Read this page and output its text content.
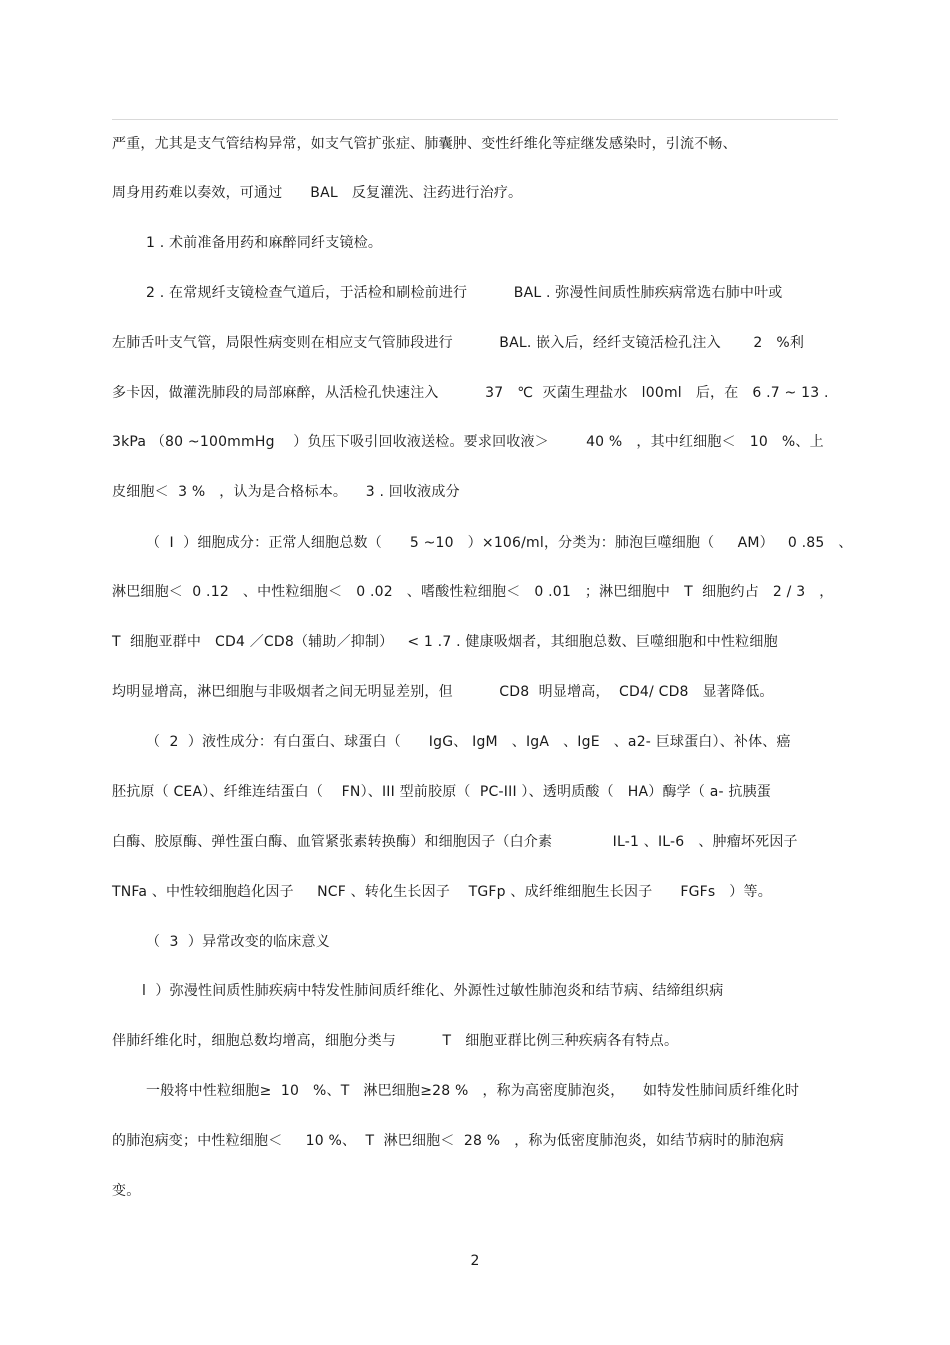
严重，尤其是支气管结构异常，如支气管扩张症、肺囊肿、变性纤维化等症继发感染时，引流不畅、
周身用药难以奏效，可通过      BAL   反复灌洗、注药进行治疗。
1 . 术前准备用药和麻醉同纤支镜检。
2 . 在常规纤支镜检查气道后，于活检和刷检前进行          BAL . 弥漫性间质性肺疾病常选右肺中叶或
左肺舌叶支气管，局限性病变则在相应支气管肺段进行          BAL. 嵌入后，经纤支镜活检孔注入       2   %利
多卡因，做灌洗肺段的局部麻醉，从活检孔快速注入          37   ℃  灭菌生理盐水   l00ml   后，在   6 .7 ~ 13 .
3kPa （80 ~100mmHg    ）负压下吸引回收液送检。要求回收液＞        40 %   ，其中红细胞＜   10   %、上
皮细胞＜  3 %   ，认为是合格标本。    3 . 回收液成分
（  I  ）细胞成分：正常人细胞总数（      5 ~10   ）×106/ml，分类为：肺泡巨噬细胞（     AM）   0 .85   、
淋巴细胞＜  0 .12   、中性粒细胞＜   0 .02   、嗜酸性粒细胞＜   0 .01   ；淋巴细胞中   T  细胞约占   2 / 3   ，
T  细胞亚群中   CD4 ／CD8（辅助／抑制）   < 1 .7 . 健康吸烟者，其细胞总数、巨噬细胞和中性粒细胞
均明显增高，淋巴细胞与非吸烟者之间无明显差别，但          CD8  明显增高，  CD4/ CD8   显著降低。
（  2  ）液性成分：有白蛋白、球蛋白（      IgG、 IgM   、IgA   、IgE   、a2- 巨球蛋白）、补体、癌
胚抗原（ CEA）、纤维连结蛋白（    FN）、III 型前胶原（  PC-III ）、透明质酸（   HA）酶学（ a- 抗胰蛋
白酶、胶原酶、弹性蛋白酶、血管紧张素转换酶）和细胞因子（白介素             IL-1 、IL-6   、肿瘤坏死因子
TNFa 、中性较细胞趋化因子     NCF 、转化生长因子    TGFp 、成纤维细胞生长因子      FGFs   ）等。
（  3  ）异常改变的临床意义
l  ）弥漫性间质性肺疾病中特发性肺间质纤维化、外源性过敏性肺泡炎和结节病、结缔组织病
伴肺纤维化时，细胞总数均增高，细胞分类与          T   细胞亚群比例三种疾病各有特点。
一般将中性粒细胞≥  10   %、T   淋巴细胞≥28 %   ，称为高密度肺泡炎，    如特发性肺间质纤维化时
的肺泡病变；中性粒细胞＜     10 %、  T  淋巴细胞＜  28 %   ，称为低密度肺泡炎，如结节病时的肺泡病
变。
2
